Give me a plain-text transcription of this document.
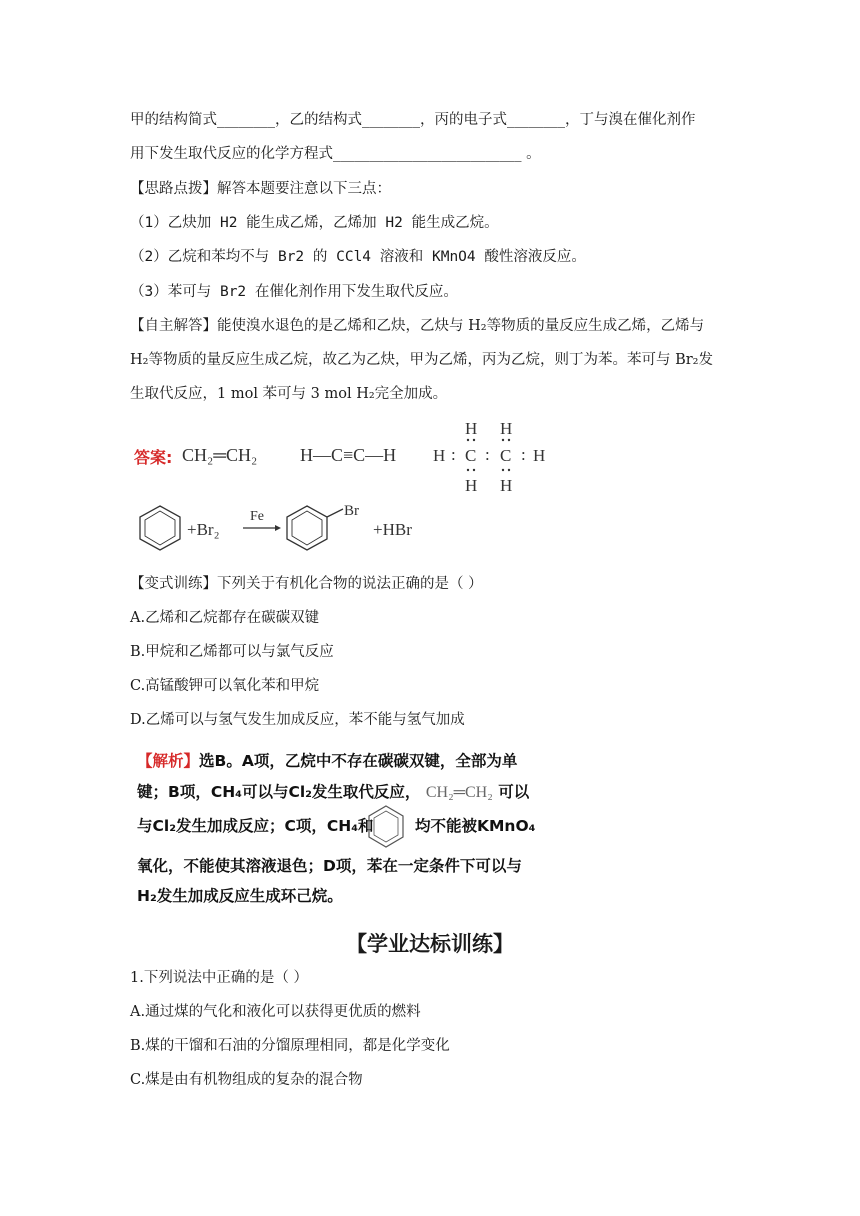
甲的结构简式________，乙的结构式________，丙的电子式________，丁与溴在催化剂作
用下发生取代反应的化学方程式__________________________ 。
【思路点拨】解答本题要注意以下三点：
（1）乙炔加 H2 能生成乙烯，乙烯加 H2 能生成乙烷。
（2）乙烷和苯均不与 Br2 的 CCl4 溶液和 KMnO4 酸性溶液反应。
（3）苯可与 Br2 在催化剂作用下发生取代反应。
【自主解答】能使溴水退色的是乙烯和乙炔，乙炔与 H₂等物质的量反应生成乙烯，乙烯与
H₂等物质的量反应生成乙烷，故乙为乙炔，甲为乙烯，丙为乙烷，则丁为苯。苯可与 Br₂发
生取代反应，1 mol 苯可与 3 mol H₂完全加成。
答案: CH₂═CH₂ H—C≡C—H
H H
H : C : C : H
H H
+Br₂
Fe	Br
+HBr
【变式训练】下列关于有机化合物的说法正确的是（ ）
A.乙烯和乙烷都存在碳碳双键
B.甲烷和乙烯都可以与氯气反应
C.高锰酸钾可以氧化苯和甲烷
D.乙烯可以与氢气发生加成反应，苯不能与氢气加成
【解析】选B。A项，乙烷中不存在碳碳双键，全部为单
键；B项，CH₄可以与Cl₂发生取代反应， CH₂═CH₂ 可以
与Cl₂发生加成反应；C项，CH₄和	均不能被KMnO₄
氧化，不能使其溶液退色；D项，苯在一定条件下可以与
H₂发生加成反应生成环己烷。
【学业达标训练】
1.下列说法中正确的是（ ）
A.通过煤的气化和液化可以获得更优质的燃料
B.煤的干馏和石油的分馏原理相同，都是化学变化
C.煤是由有机物组成的复杂的混合物
